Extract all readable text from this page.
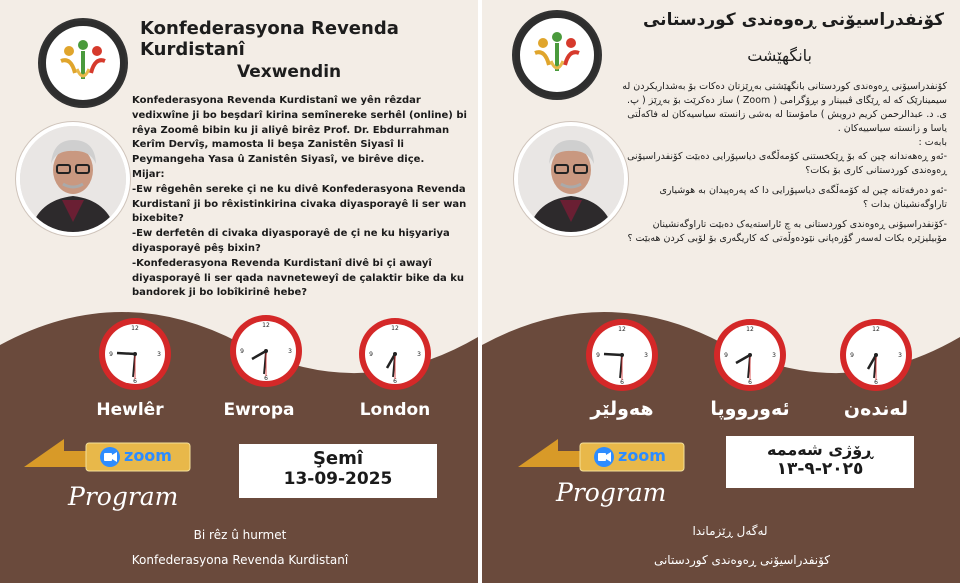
Konfederasyona Revenda Kurdistanî
Vexwendin
Konfederasyona Revenda Kurdistanî we yên rêzdar vedixwîne ji bo beşdarî kirina semînereke serhêl (online) bi rêya Zoomê bibin ku ji aliyê birêz Prof. Dr. Ebdurrahman Kerîm Dervîş, mamosta li beşa Zanistên Siyasî li Peymangeha Yasa û Zanistên Siyasî, ve birêve diçe.
Mijar:
-Ew rêgehên sereke çi ne ku divê Konfederasyona Revenda Kurdistanî ji bo rêxistinkirina civaka diyasporayê li ser wan bixebite?
-Ew derfetên di civaka diyasporayê de çi ne ku hişyariya diyasporayê pêş bixin?
-Konfederasyona Revenda Kurdistanî divê bi çi awayî diyasporayê li ser qada navneteweyî de çalaktir bike da ku bandorek ji bo lobîkirinê hebe?
12
3
6
9
12
3
6
9
12
3
6
9
Hewlêr	Ewropa	London
zoom
Program
Şemî
13-09-2025
Bi rêz û hurmet
Konfederasyona Revenda Kurdistanî
کۆنفدراسیۆنی ڕەوەندی کوردستانی
بانگهێشت
کۆنفدراسیۆنی ڕەوەندی کوردستانی بانگهێشتی بەڕێزتان دەکات بۆ بەشداریکردن لە سیمینارێک کە لە ڕێگای ڤیبینار و بڕۆگرامی ( Zoom ) ساز دەکرێت بۆ بەڕێز ( پ. ی. د. عبدالرحمن کریم درویش ) مامۆستا لە بەشی زانستە سیاسیەکان لە فاکەڵتی یاسا و زانستە سیاسییەکان .
بابەت :
-ئەو ڕەهەندانە چین کە بۆ ڕێکخستنی کۆمەڵگەی دیاسپۆرایی دەبێت کۆنفدراسیۆنی ڕەوەندی کوردستانی کاری بۆ بکات؟
-ئەو دەرفەتانە چین لە کۆمەڵگەی دیاسپۆرایی دا کە پەرەپیدان بە هوشیاری تاراوگەنشینان بدات ؟
-کۆنفدراسیۆنی ڕەوەندی کوردستانی بە چ ئاراستەیەک دەبێت تاراوگەنشینان مۆبیلیزێرە بکات لەسەر گۆرەپانی نێودەوڵەتی کە کاریگەری بۆ لۆبی کردن هەبێت ؟
12
3
6
9
12
3
6
9
12
3
6
9
هەولێر	ئەورووپا	لەندەن
zoom
Program
ڕۆژی شەممە
٢٠٢٥-٩-١٣
لەگەل ڕێزماندا
کۆنفدراسیۆنی ڕەوەندی کوردستانی
